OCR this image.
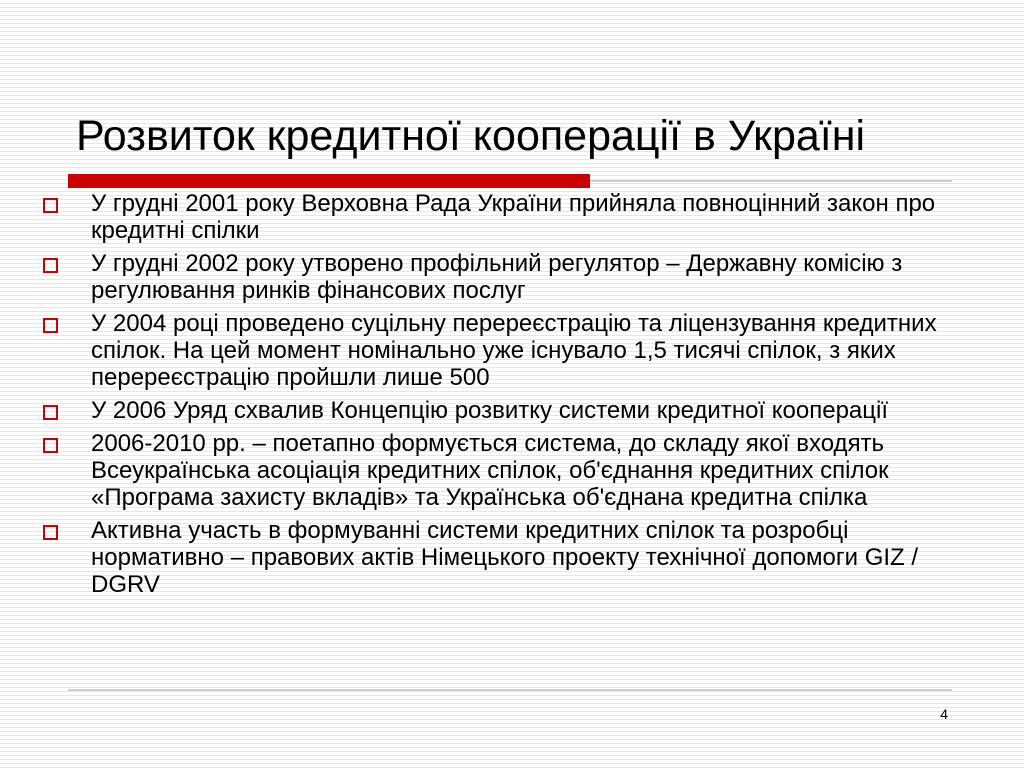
Розвиток кредитної кооперації в Україні
У грудні 2001 року Верховна Рада України прийняла повноцінний закон про кредитні спілки
У грудні 2002 року утворено профільний регулятор – Державну комісію з регулювання ринків фінансових послуг
У 2004 році проведено суцільну перереєстрацію та ліцензування кредитних спілок. На цей момент номінально уже існувало 1,5 тисячі спілок, з яких перереєстрацію пройшли лише 500
У 2006 Уряд схвалив Концепцію розвитку системи кредитної кооперації
2006-2010 рр. – поетапно формується система, до складу якої входять Всеукраїнська асоціація кредитних спілок, об'єднання кредитних спілок «Програма захисту вкладів» та Українська об'єднана кредитна спілка
Активна участь в формуванні системи кредитних спілок та розробці нормативно – правових актів Німецького проекту технічної допомоги GIZ / DGRV
4
